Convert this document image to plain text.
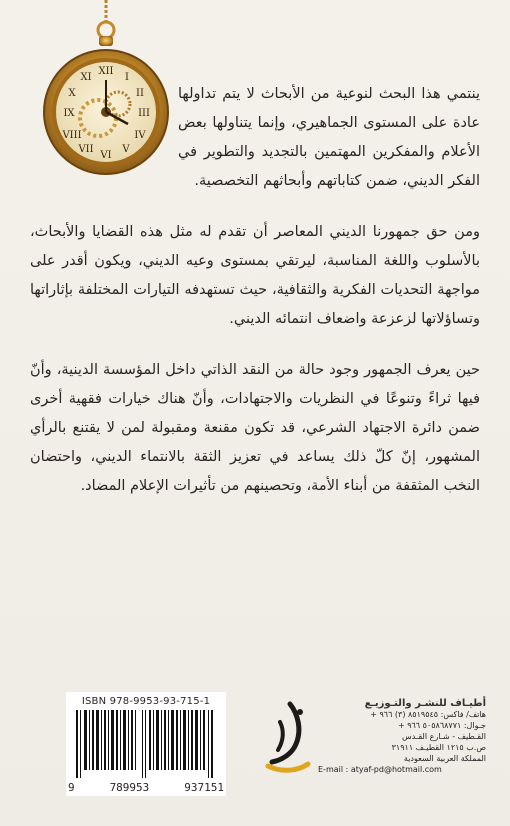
XII
III
VI
IX
I
II
IV
V
VII
VIII
X
XI

ينتمي هذا البحث لنوعية من الأبحاث لا يتم تداولها عادة على المستوى الجماهيري، وإنما يتناولها بعض الأعلام والمفكرين المهتمين بالتجديد والتطوير في الفكر الديني، ضمن كتاباتهم وأبحاثهم التخصصية.

ومن حق جمهورنا الديني المعاصر أن تقدم له مثل هذه القضايا والأبحاث، بالأسلوب واللغة المناسبة، ليرتقي بمستوى وعيه الديني، ويكون أقدر على مواجهة التحديات الفكرية والثقافية، حيث تستهدفه التيارات المختلفة بإثاراتها وتساؤلاتها لزعزعة واضعاف انتمائه الديني.

حين يعرف الجمهور وجود حالة من النقد الذاتي داخل المؤسسة الدينية، وأنّ فيها ثراءً وتنوعًا في النظريات والاجتهادات، وأنّ هناك خيارات فقهية أخرى ضمن دائرة الاجتهاد الشرعي، قد تكون مقنعة ومقبولة لمن لا يقتنع بالرأي المشهور، إنّ كلّ ذلك يساعد في تعزيز الثقة بالانتماء الديني، واحتضان النخب المثقفة من أبناء الأمة، وتحصينهم من تأثيرات الإعلام المضاد.

ISBN 978-9953-93-715-1
9	789953	937151
أطيـاف للنشـر والتـوزيـع
هاتف/ فاكس: ٨٥١٩٥٤٥ (٣) ٩٦٦ +
جـوال: ٥٠٥٨٦٨٧٧١ ٩٦٦ +
القـطيف - شـارع القـدس
ص.ب ١٢١٥ القطيـف ٣١٩١١
المملكة العربية السعودية
E-mail : atyaf-pd@hotmail.com
